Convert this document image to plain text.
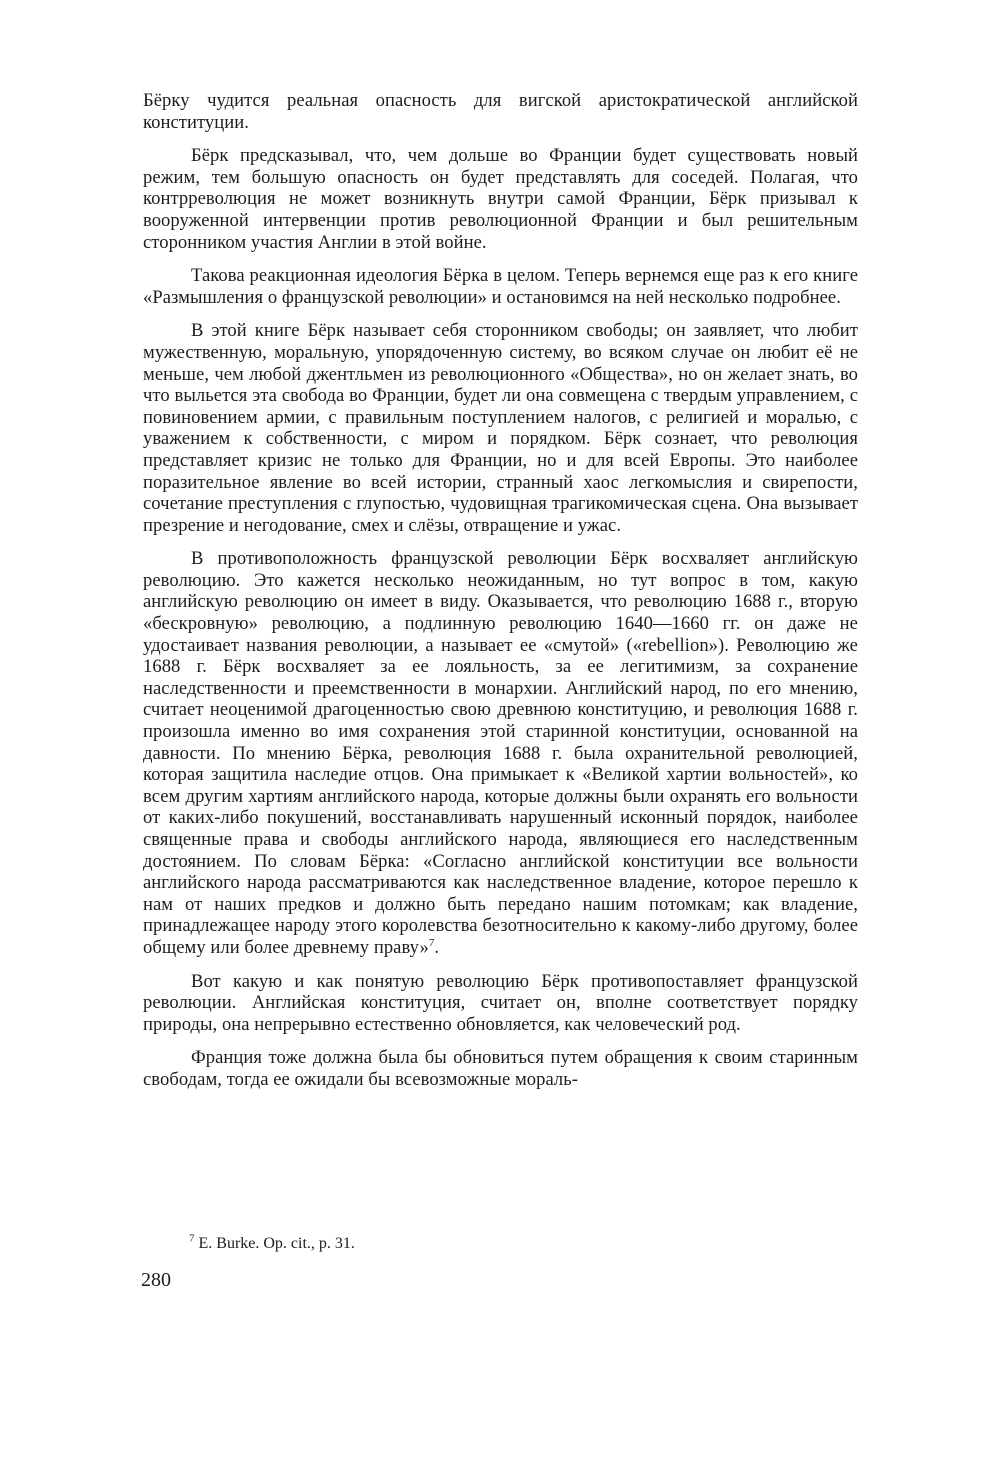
Бёрку чудится реальная опасность для вигской аристократической английской конституции.

Бёрк предсказывал, что, чем дольше во Франции будет существовать новый режим, тем большую опасность он будет представлять для соседей. Полагая, что контрреволюция не может возникнуть внутри самой Франции, Бёрк призывал к вооруженной интервенции против революционной Франции и был решительным сторонником участия Англии в этой войне.

Такова реакционная идеология Бёрка в целом. Теперь вернемся еще раз к его книге «Размышления о французской революции» и остановимся на ней несколько подробнее.

В этой книге Бёрк называет себя сторонником свободы; он заявляет, что любит мужественную, моральную, упорядоченную систему, во всяком случае он любит её не меньше, чем любой джентльмен из революционного «Общества», но он желает знать, во что выльется эта свобода во Франции, будет ли она совмещена с твердым управлением, с повиновением армии, с правильным поступлением налогов, с религией и моралью, с уважением к собственности, с миром и порядком. Бёрк сознает, что революция представляет кризис не только для Франции, но и для всей Европы. Это наиболее поразительное явление во всей истории, странный хаос легкомыслия и свирепости, сочетание преступления с глупостью, чудовищная трагикомическая сцена. Она вызывает презрение и негодование, смех и слёзы, отвращение и ужас.

В противоположность французской революции Бёрк восхваляет английскую революцию. Это кажется несколько неожиданным, но тут вопрос в том, какую английскую революцию он имеет в виду. Оказывается, что революцию 1688 г., вторую «бескровную» революцию, а подлинную революцию 1640—1660 гг. он даже не удостаивает названия революции, а называет ее «смутой» («rebellion»). Революцию же 1688 г. Бёрк восхваляет за ее лояльность, за ее легитимизм, за сохранение наследственности и преемственности в монархии. Английский народ, по его мнению, считает неоценимой драгоценностью свою древнюю конституцию, и революция 1688 г. произошла именно во имя сохранения этой старинной конституции, основанной на давности. По мнению Бёрка, революция 1688 г. была охранительной революцией, которая защитила наследие отцов. Она примыкает к «Великой хартии вольностей», ко всем другим хартиям английского народа, которые должны были охранять его вольности от каких-либо покушений, восстанавливать нарушенный исконный порядок, наиболее священные права и свободы английского народа, являющиеся его наследственным достоянием. По словам Бёрка: «Согласно английской конституции все вольности английского народа рассматриваются как наследственное владение, которое перешло к нам от наших предков и должно быть передано нашим потомкам; как владение, принадлежащее народу этого королевства безотносительно к какому-либо другому, более общему или более древнему праву»$^7$.

Вот какую и как понятую революцию Бёрк противопоставляет французской революции. Английская конституция, считает он, вполне соответствует порядку природы, она непрерывно естественно обновляется, как человеческий род.

Франция тоже должна была бы обновиться путем обращения к своим старинным свободам, тогда ее ожидали бы всевозможные мораль-

$^7$ E. Burke. Op. cit., p. 31.
280
